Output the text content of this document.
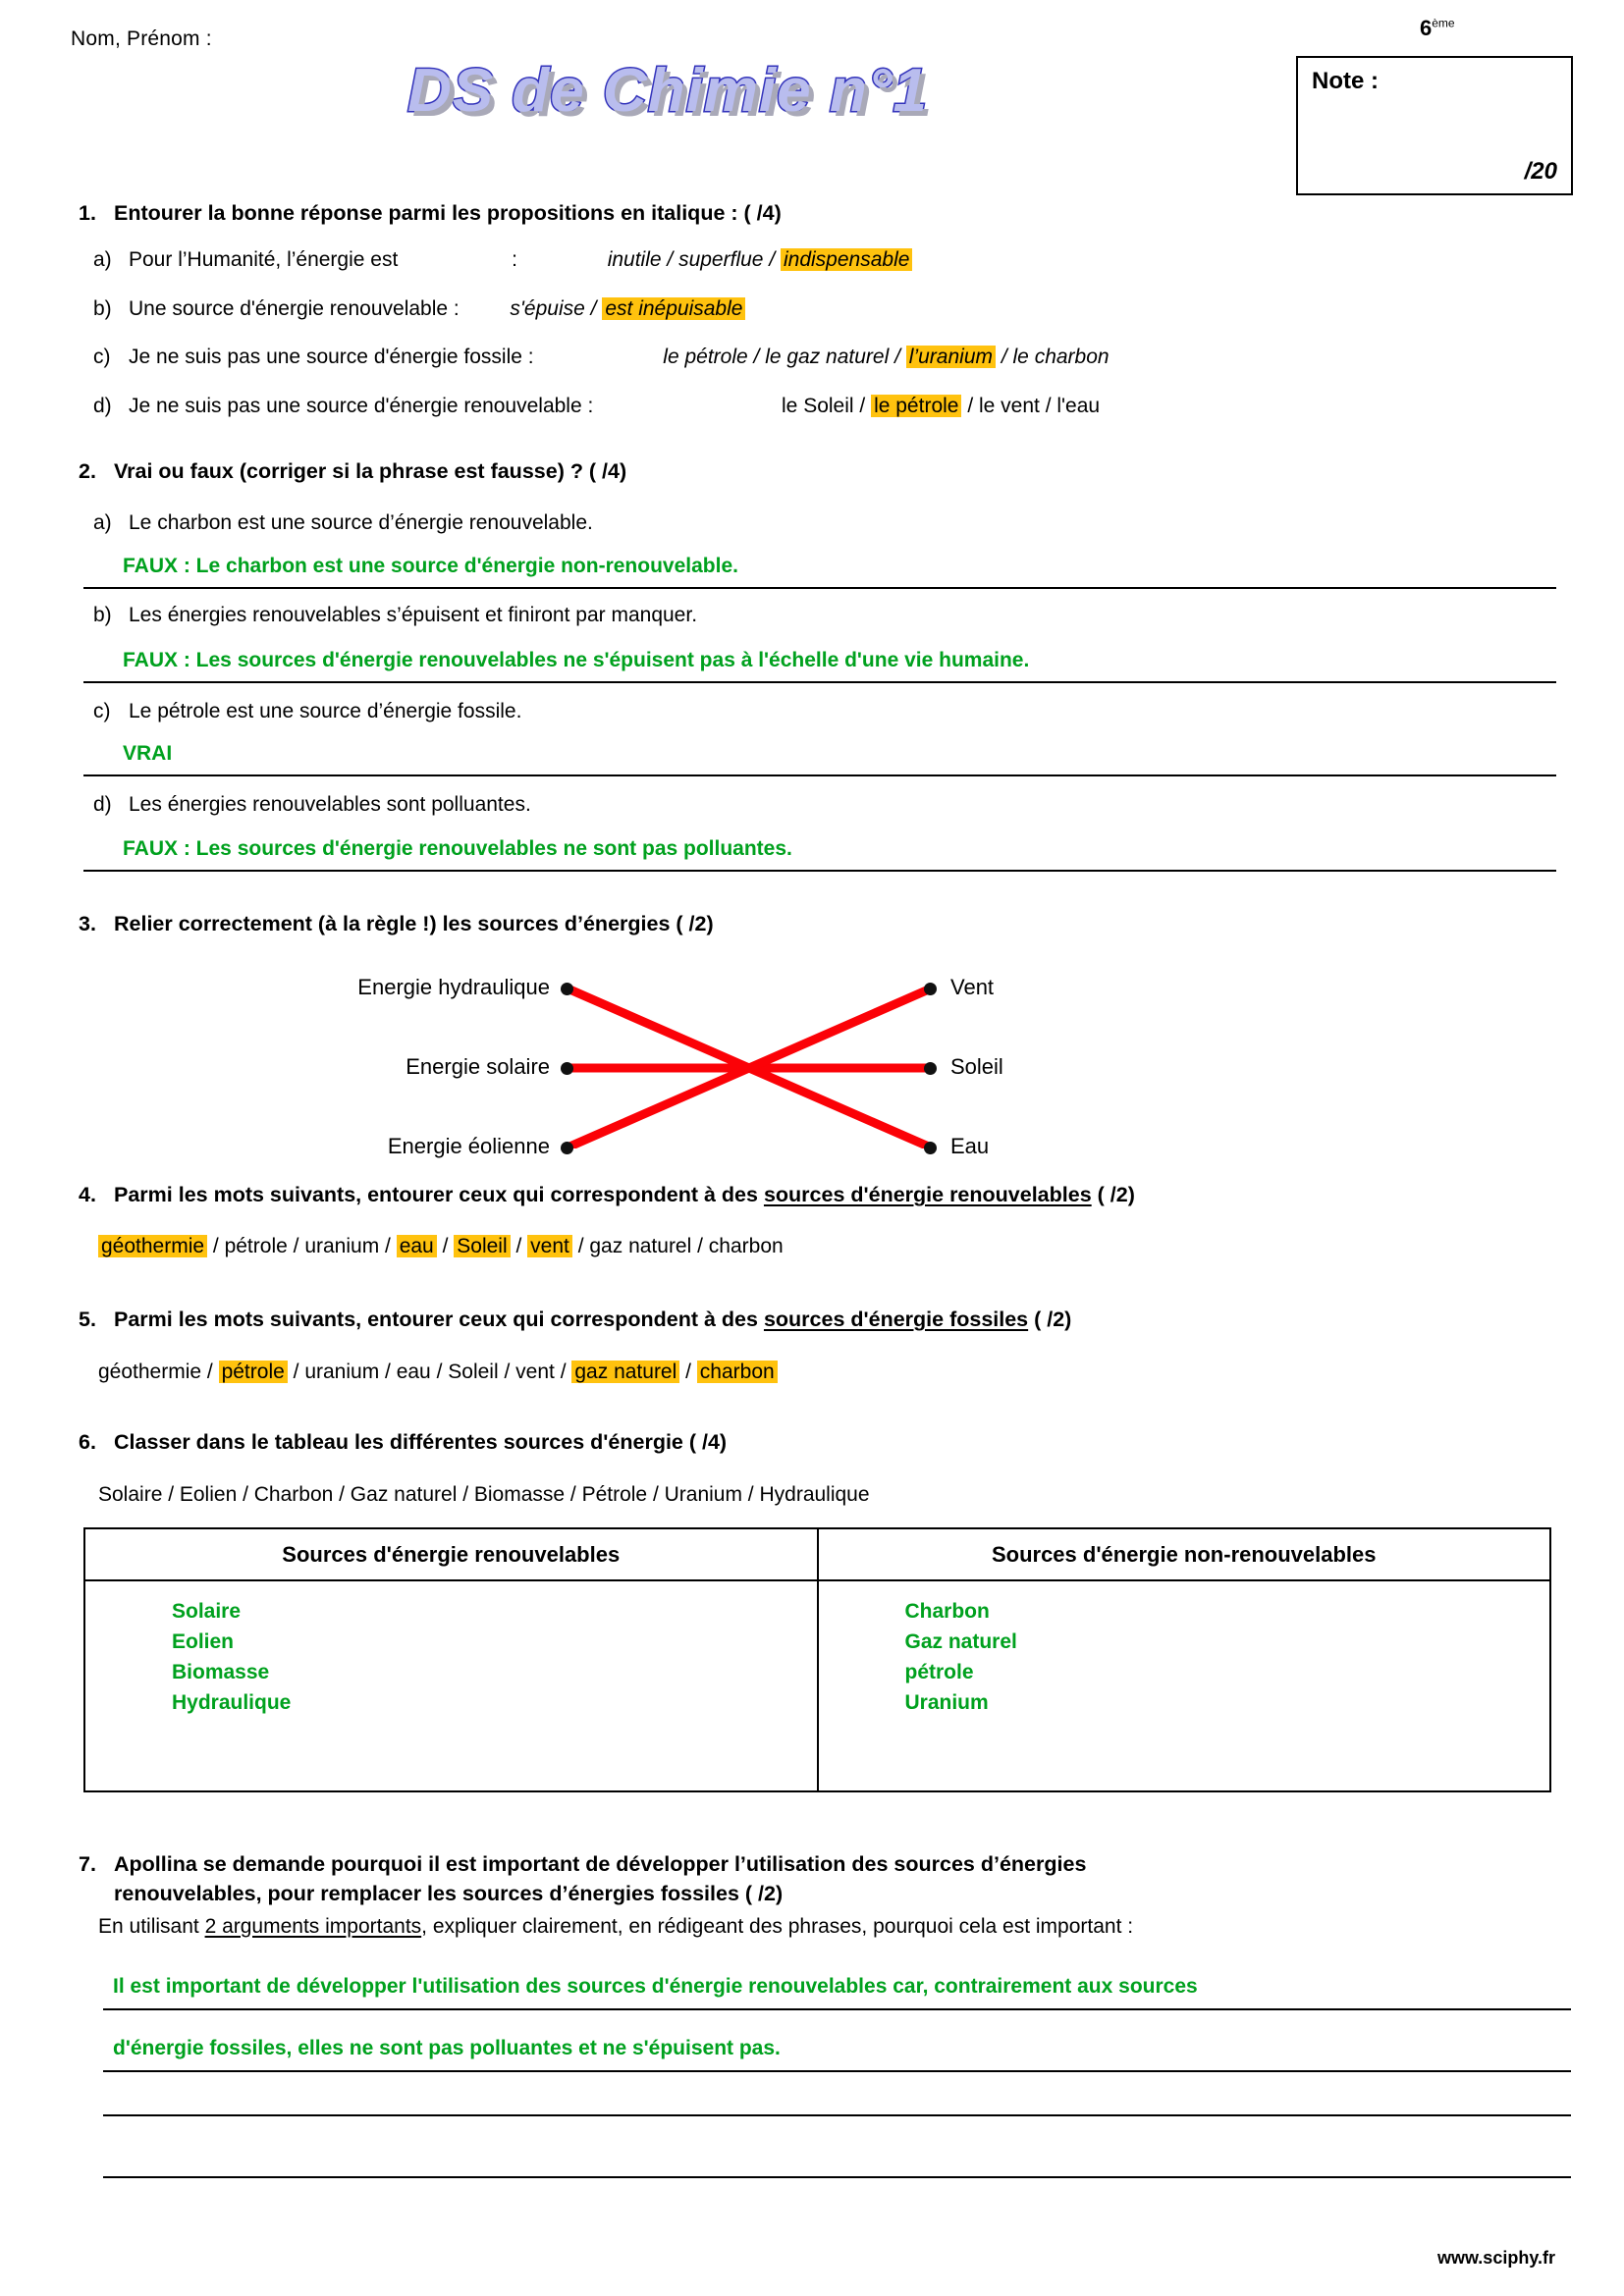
Nom, Prénom :	6ème
Note :
/20
DS de Chimie n°1
1. Entourer la bonne réponse parmi les propositions en italique : ( /4)
a) Pour l’Humanité, l’énergie est	:	inutile / superflue / indispensable
b) Une source d'énergie renouvelable : s'épuise / est inépuisable
c) Je ne suis pas une source d'énergie fossile :	le pétrole / le gaz naturel / l’uranium / le charbon
d) Je ne suis pas une source d'énergie renouvelable :	le Soleil / le pétrole / le vent / l'eau
2. Vrai ou faux (corriger si la phrase est fausse) ? ( /4)
a) Le charbon est une source d’énergie renouvelable.
FAUX : Le charbon est une source d'énergie non-renouvelable.
b) Les énergies renouvelables s’épuisent et finiront par manquer.
FAUX : Les sources d'énergie renouvelables ne s'épuisent pas à l'échelle d'une vie humaine.
c) Le pétrole est une source d’énergie fossile.
VRAI
d) Les énergies renouvelables sont polluantes.
FAUX : Les sources d'énergie renouvelables ne sont pas polluantes.
3. Relier correctement (à la règle !) les sources d’énergies ( /2)
Energie hydraulique
Energie solaire
Energie éolienne
Vent
Soleil
Eau
4. Parmi les mots suivants, entourer ceux qui correspondent à des sources d'énergie renouvelables ( /2)
géothermie / pétrole / uranium / eau / Soleil / vent / gaz naturel / charbon
5. Parmi les mots suivants, entourer ceux qui correspondent à des sources d'énergie fossiles ( /2)
géothermie / pétrole / uranium / eau / Soleil / vent / gaz naturel / charbon
6. Classer dans le tableau les différentes sources d'énergie ( /4)
Solaire / Eolien / Charbon / Gaz naturel / Biomasse / Pétrole / Uranium / Hydraulique
Sources d'énergie renouvelables	Sources d'énergie non-renouvelables

Solaire
Eolien
Biomasse
Hydraulique

Charbon
Gaz naturel
pétrole
Uranium
7. Apollina se demande pourquoi il est important de développer l’utilisation des sources d’énergies
renouvelables, pour remplacer les sources d’énergies fossiles ( /2)
En utilisant 2 arguments importants, expliquer clairement, en rédigeant des phrases, pourquoi cela est important :
Il est important de développer l'utilisation des sources d'énergie renouvelables car, contrairement aux sources
d'énergie fossiles, elles ne sont pas polluantes et ne s'épuisent pas.
www.sciphy.fr
